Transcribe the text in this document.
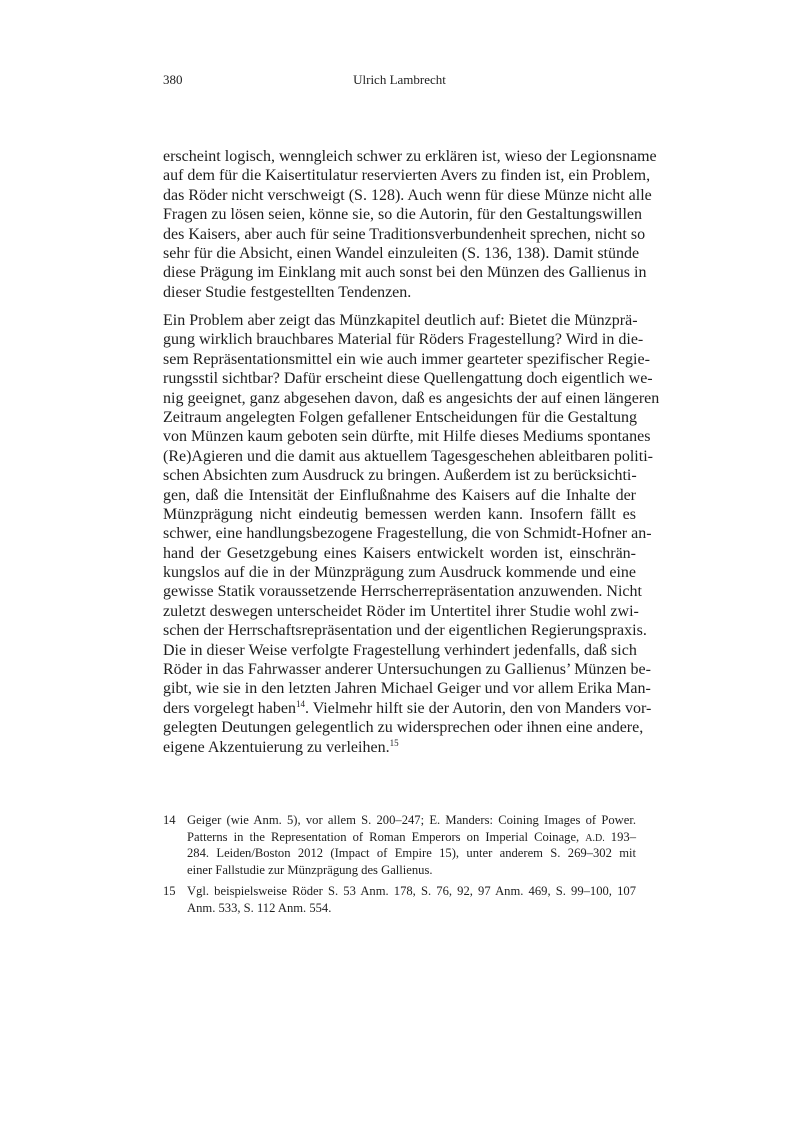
380	Ulrich Lambrecht
erscheint logisch, wenngleich schwer zu erklären ist, wieso der Legionsname
auf dem für die Kaisertitulatur reservierten Avers zu finden ist, ein Problem,
das Röder nicht verschweigt (S. 128). Auch wenn für diese Münze nicht alle
Fragen zu lösen seien, könne sie, so die Autorin, für den Gestaltungswillen
des Kaisers, aber auch für seine Traditionsverbundenheit sprechen, nicht so
sehr für die Absicht, einen Wandel einzuleiten (S. 136, 138). Damit stünde
diese Prägung im Einklang mit auch sonst bei den Münzen des Gallienus in
dieser Studie festgestellten Tendenzen.
Ein Problem aber zeigt das Münzkapitel deutlich auf: Bietet die Münzprä-
gung wirklich brauchbares Material für Röders Fragestellung? Wird in die-
sem Repräsentationsmittel ein wie auch immer gearteter spezifischer Regie-
rungsstil sichtbar? Dafür erscheint diese Quellengattung doch eigentlich we-
nig geeignet, ganz abgesehen davon, daß es angesichts der auf einen längeren
Zeitraum angelegten Folgen gefallener Entscheidungen für die Gestaltung
von Münzen kaum geboten sein dürfte, mit Hilfe dieses Mediums spontanes
(Re)Agieren und die damit aus aktuellem Tagesgeschehen ableitbaren politi-
schen Absichten zum Ausdruck zu bringen. Außerdem ist zu berücksichti-
gen, daß die Intensität der Einflußnahme des Kaisers auf die Inhalte der
Münzprägung nicht eindeutig bemessen werden kann. Insofern fällt es
schwer, eine handlungsbezogene Fragestellung, die von Schmidt-Hofner an-
hand der Gesetzgebung eines Kaisers entwickelt worden ist, einschrän-
kungslos auf die in der Münzprägung zum Ausdruck kommende und eine
gewisse Statik voraussetzende Herrscherrepräsentation anzuwenden. Nicht
zuletzt deswegen unterscheidet Röder im Untertitel ihrer Studie wohl zwi-
schen der Herrschaftsrepräsentation und der eigentlichen Regierungspraxis.
Die in dieser Weise verfolgte Fragestellung verhindert jedenfalls, daß sich
Röder in das Fahrwasser anderer Untersuchungen zu Gallienus’ Münzen be-
gibt, wie sie in den letzten Jahren Michael Geiger und vor allem Erika Man-
ders vorgelegt haben$^{14}$. Vielmehr hilft sie der Autorin, den von Manders vor-
gelegten Deutungen gelegentlich zu widersprechen oder ihnen eine andere,
eigene Akzentuierung zu verleihen.$^{15}$
14 Geiger (wie Anm. 5), vor allem S. 200–247; E. Manders: Coining Images of Power.
Patterns in the Representation of Roman Emperors on Imperial Coinage, A.D. 193–
284. Leiden/Boston 2012 (Impact of Empire 15), unter anderem S. 269–302 mit
einer Fallstudie zur Münzprägung des Gallienus.
15 Vgl. beispielsweise Röder S. 53 Anm. 178, S. 76, 92, 97 Anm. 469, S. 99–100, 107
Anm. 533, S. 112 Anm. 554.
